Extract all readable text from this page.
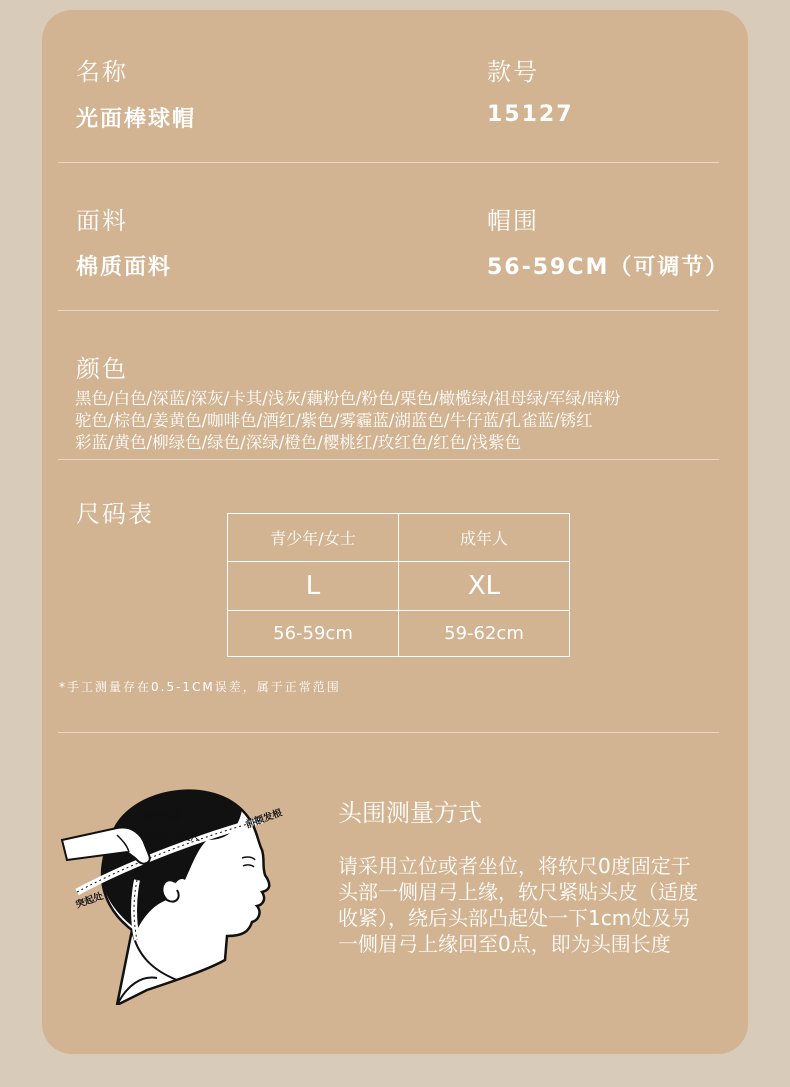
名称
光面棒球帽
款号
15127
面料
棉质面料
帽围
56-59CM（可调节）
颜色
黑色/白色/深蓝/深灰/卡其/浅灰/藕粉色/粉色/栗色/橄榄绿/祖母绿/军绿/暗粉
驼色/棕色/姜黄色/咖啡色/酒红/紫色/雾霾蓝/湖蓝色/牛仔蓝/孔雀蓝/锈红
彩蓝/黄色/柳绿色/绿色/深绿/橙色/樱桃红/玫红色/红色/浅紫色
尺码表
青少年/女士	成年人
L	XL
56-59cm	59-62cm
*手工测量存在0.5-1CM误差，属于正常范围
绕着头部
轻松转动皮尺
前额发根
突起处
头围测量方式
请采用立位或者坐位，将软尺0度固定于
头部一侧眉弓上缘，软尺紧贴头皮（适度
收紧），绕后头部凸起处一下1cm处及另
一侧眉弓上缘回至0点，即为头围长度
